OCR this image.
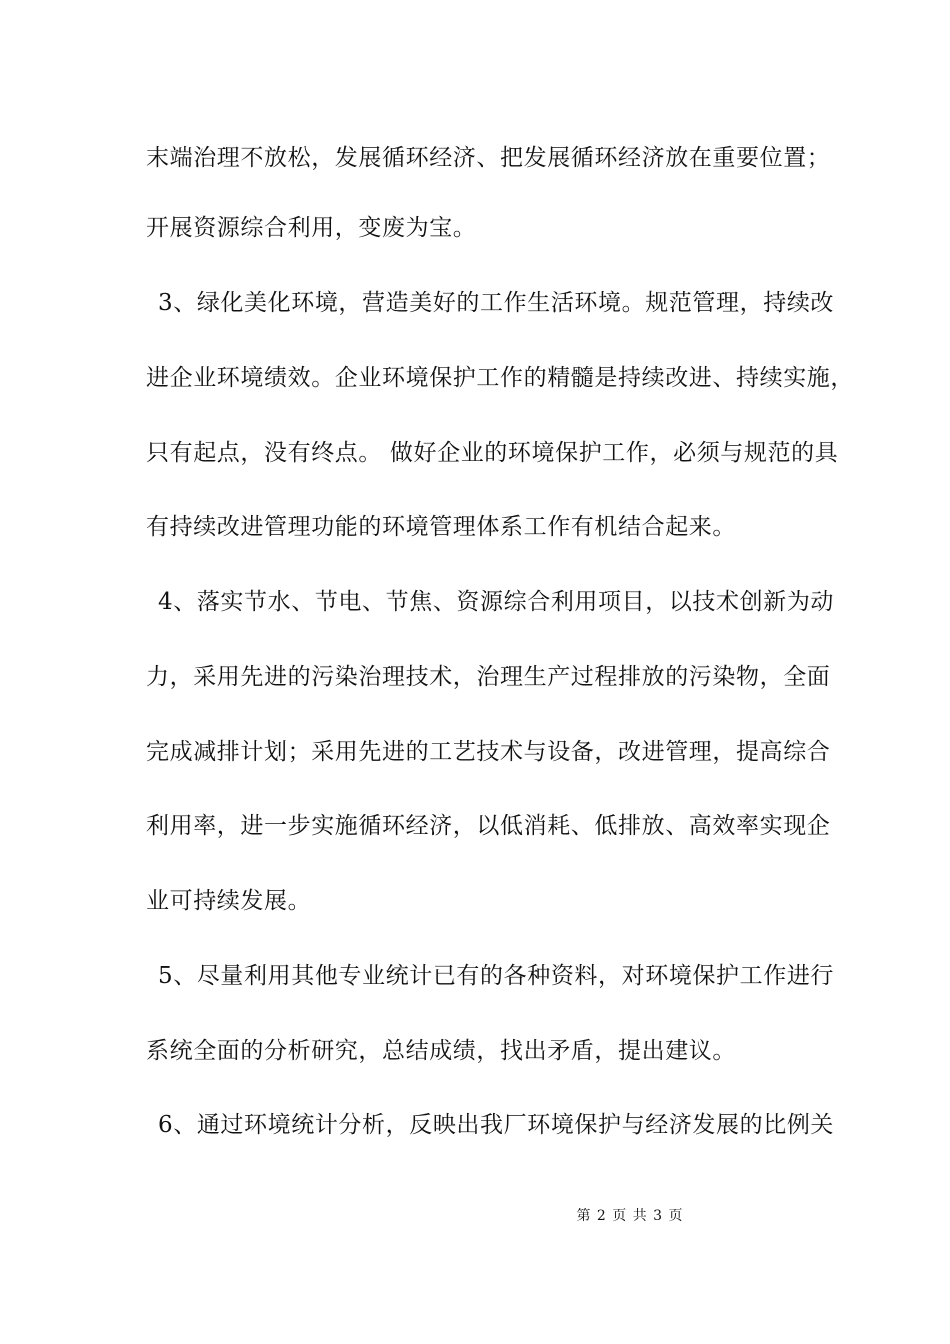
末端治理不放松，发展循环经济、把发展循环经济放在重要位置；
开展资源综合利用，变废为宝。
3、绿化美化环境，营造美好的工作生活环境。规范管理，持续改
进企业环境绩效。企业环境保护工作的精髓是持续改进、持续实施，
只有起点，没有终点。 做好企业的环境保护工作，必须与规范的具
有持续改进管理功能的环境管理体系工作有机结合起来。
4、落实节水、节电、节焦、资源综合利用项目，以技术创新为动
力，采用先进的污染治理技术，治理生产过程排放的污染物，全面
完成减排计划；采用先进的工艺技术与设备，改进管理，提高综合
利用率，进一步实施循环经济，以低消耗、低排放、高效率实现企
业可持续发展。
5、尽量利用其他专业统计已有的各种资料，对环境保护工作进行
系统全面的分析研究，总结成绩，找出矛盾，提出建议。
6、通过环境统计分析，反映出我厂环境保护与经济发展的比例关
第 2 页 共 3 页
